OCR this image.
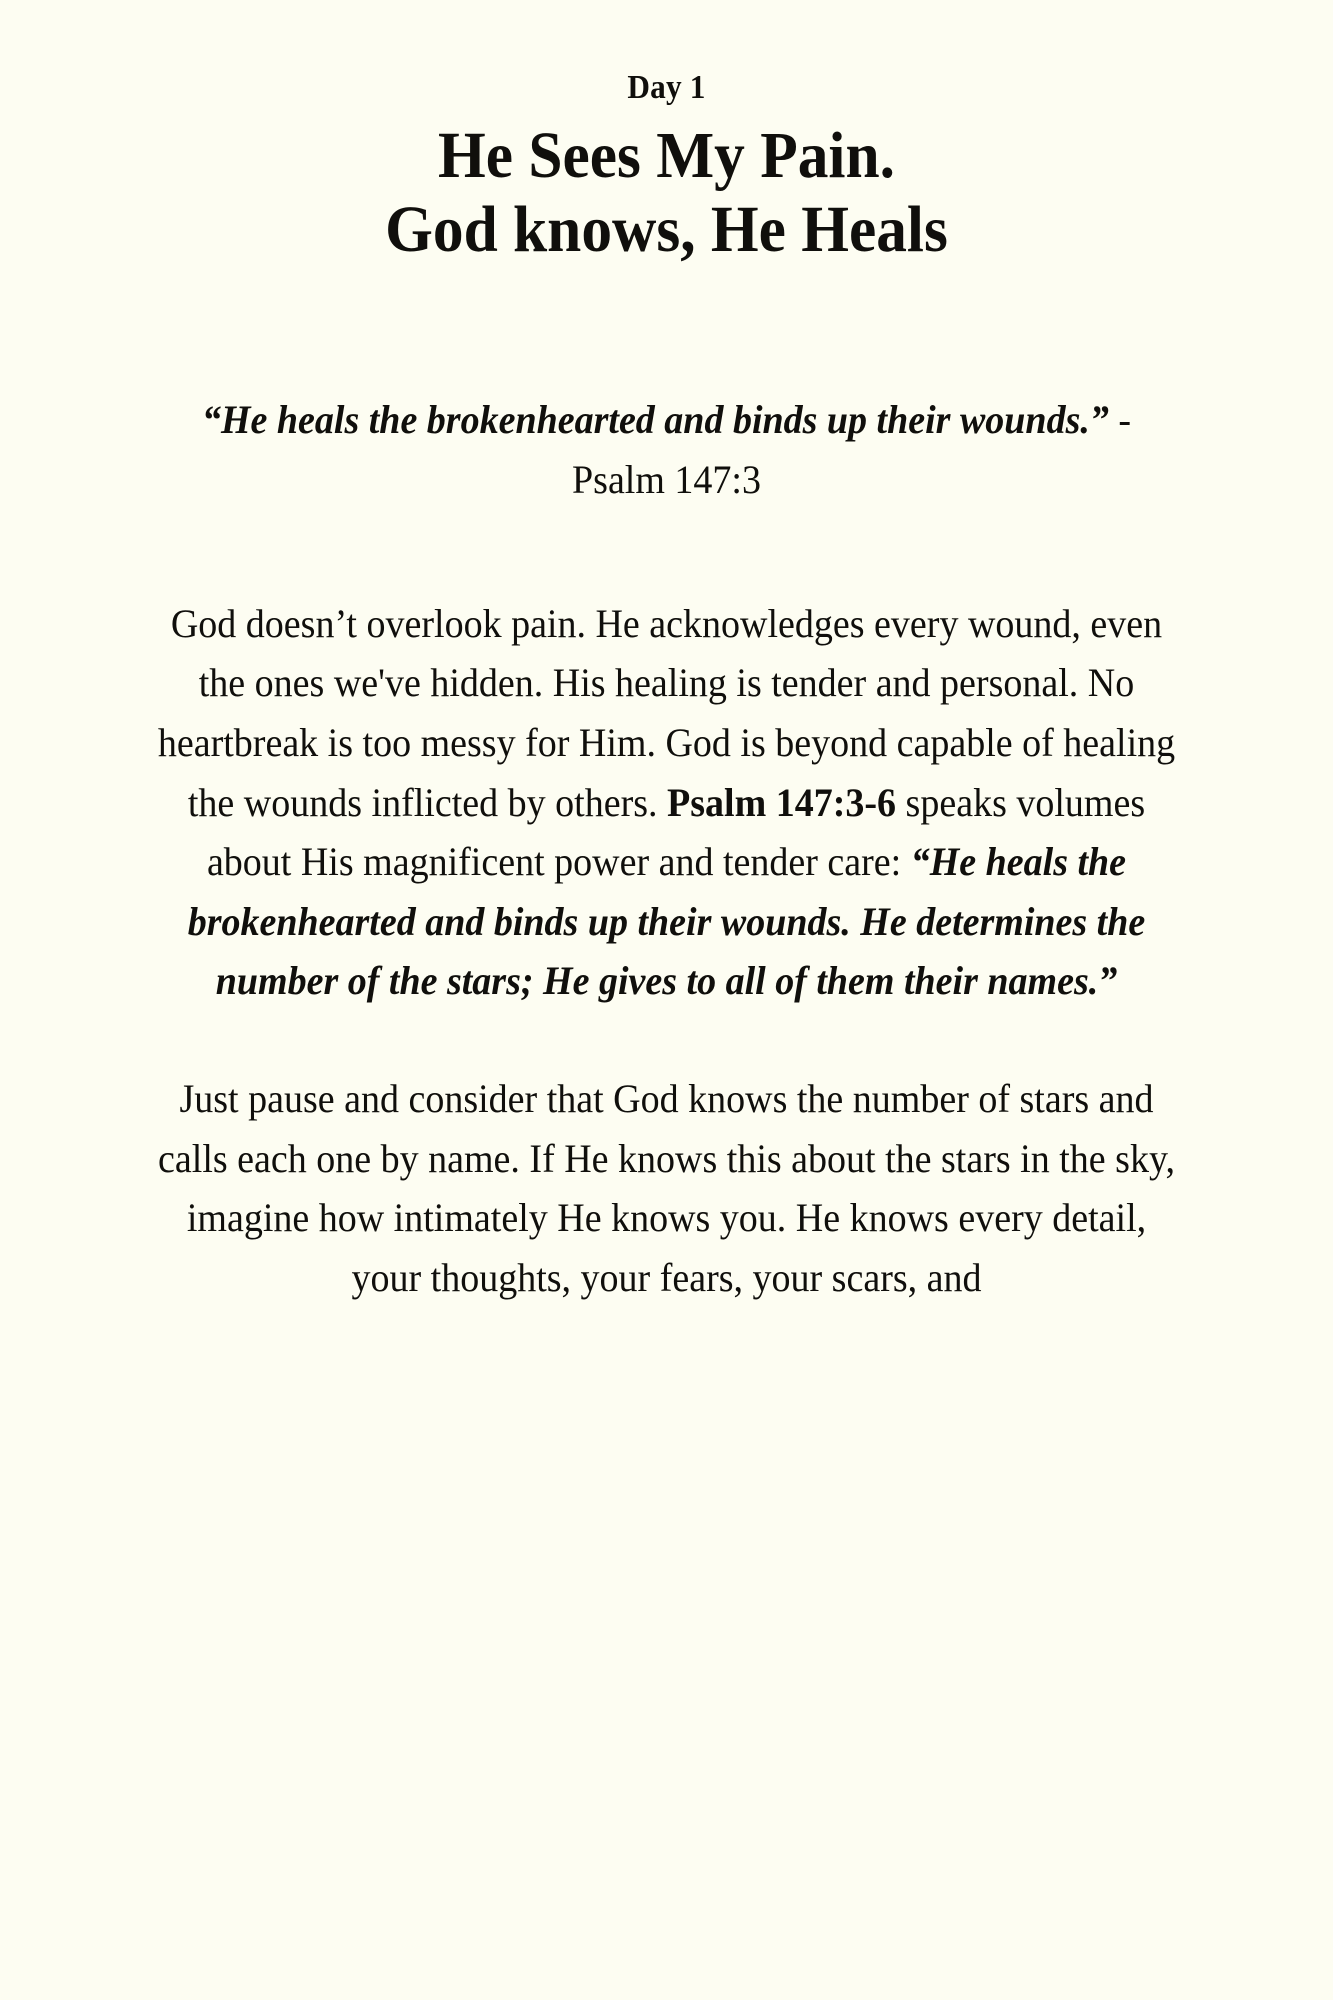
Day 1
He Sees My Pain.
God knows, He Heals
“He heals the brokenhearted and binds up their wounds.” - Psalm 147:3

God doesn’t overlook pain. He acknowledges every wound, even the ones we've hidden. His healing is tender and personal. No heartbreak is too messy for Him. God is beyond capable of healing the wounds inflicted by others. Psalm 147:3-6 speaks volumes about His magnificent power and tender care: “He heals the brokenhearted and binds up their wounds. He determines the number of the stars; He gives to all of them their names.”

Just pause and consider that God knows the number of stars and calls each one by name. If He knows this about the stars in the sky, imagine how intimately He knows you. He knows every detail, your thoughts, your fears, your scars, and
